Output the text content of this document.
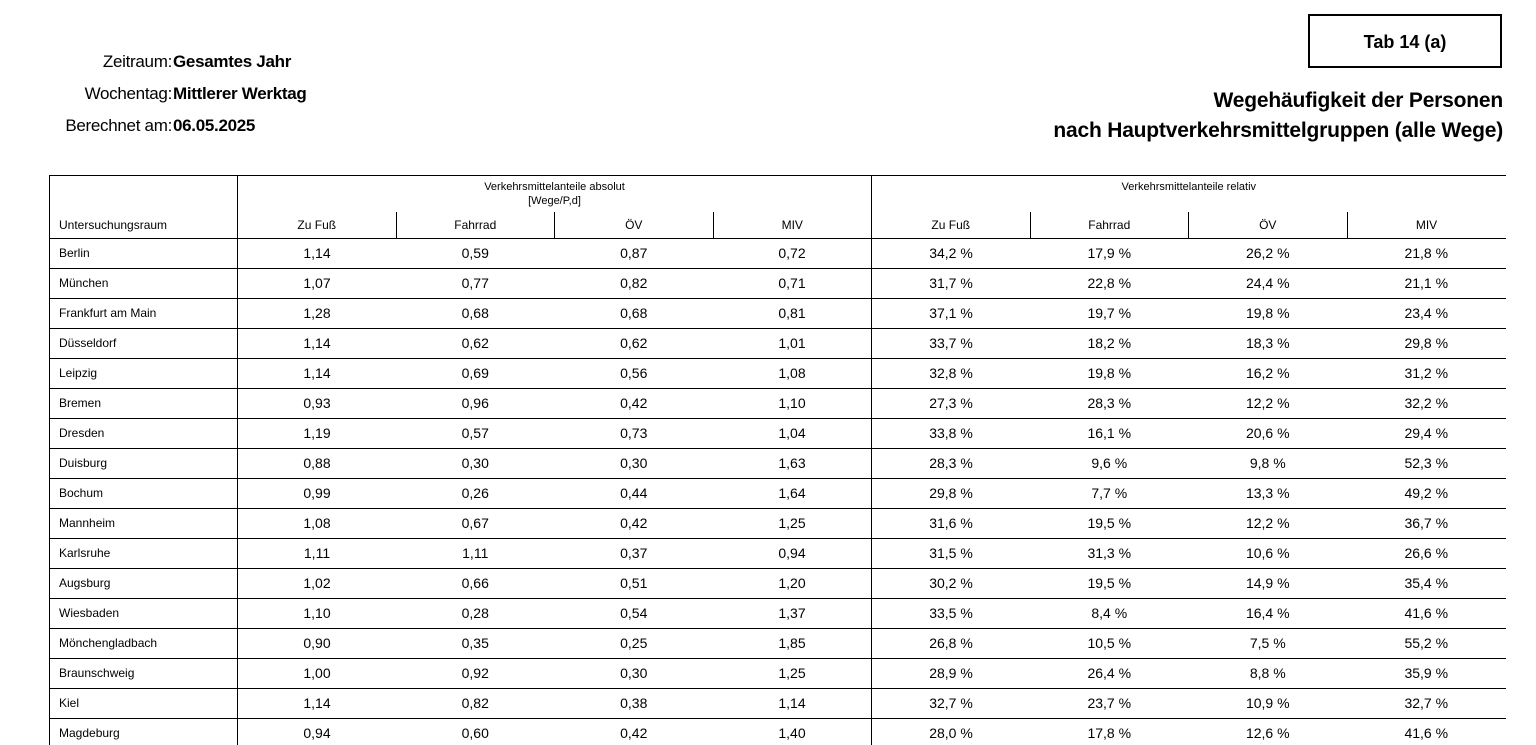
Zeitraum: Gesamtes Jahr
Wochentag: Mittlerer Werktag
Berechnet am: 06.05.2025
Tab 14 (a)
Wegehäufigkeit der Personen
nach Hauptverkehrsmittelgruppen (alle Wege)

	Verkehrsmittelanteile absolut
[Wege/P,d]				Verkehrsmittelanteile relativ			

Untersuchungsraum	Zu Fuß	Fahrrad	ÖV	MIV	Zu Fuß	Fahrrad	ÖV	MIV
Berlin	1,14	0,59	0,87	0,72	34,2 %	17,9 %	26,2 %	21,8 %
München	1,07	0,77	0,82	0,71	31,7 %	22,8 %	24,4 %	21,1 %
Frankfurt am Main	1,28	0,68	0,68	0,81	37,1 %	19,7 %	19,8 %	23,4 %
Düsseldorf	1,14	0,62	0,62	1,01	33,7 %	18,2 %	18,3 %	29,8 %
Leipzig	1,14	0,69	0,56	1,08	32,8 %	19,8 %	16,2 %	31,2 %
Bremen	0,93	0,96	0,42	1,10	27,3 %	28,3 %	12,2 %	32,2 %
Dresden	1,19	0,57	0,73	1,04	33,8 %	16,1 %	20,6 %	29,4 %
Duisburg	0,88	0,30	0,30	1,63	28,3 %	9,6 %	9,8 %	52,3 %
Bochum	0,99	0,26	0,44	1,64	29,8 %	7,7 %	13,3 %	49,2 %
Mannheim	1,08	0,67	0,42	1,25	31,6 %	19,5 %	12,2 %	36,7 %
Karlsruhe	1,11	1,11	0,37	0,94	31,5 %	31,3 %	10,6 %	26,6 %
Augsburg	1,02	0,66	0,51	1,20	30,2 %	19,5 %	14,9 %	35,4 %
Wiesbaden	1,10	0,28	0,54	1,37	33,5 %	8,4 %	16,4 %	41,6 %
Mönchengladbach	0,90	0,35	0,25	1,85	26,8 %	10,5 %	7,5 %	55,2 %
Braunschweig	1,00	0,92	0,30	1,25	28,9 %	26,4 %	8,8 %	35,9 %
Kiel	1,14	0,82	0,38	1,14	32,7 %	23,7 %	10,9 %	32,7 %
Magdeburg	0,94	0,60	0,42	1,40	28,0 %	17,8 %	12,6 %	41,6 %
